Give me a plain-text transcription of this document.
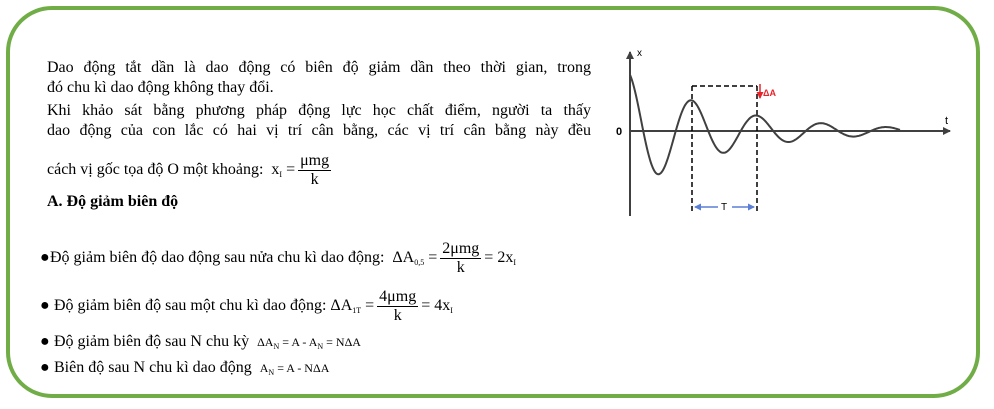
Dao động tắt dần là dao động có biên độ giảm dần theo thời gian, trong
đó chu kì dao động không thay đổi.
Khi khảo sát bằng phương pháp động lực học chất điểm, người ta thấy
dao động của con lắc có hai vị trí cân bằng, các vị trí cân bằng này đều
cách vị gốc tọa độ O một khoảng: $x_I = \frac{\text{μmg}}{k}$
A. Độ giảm biên độ
●Độ giảm biên độ dao động sau nửa chu kì dao động: $\Delta A_{0,5} = \frac{\text{2μmg}}{k} = 2x_I$
● Độ giảm biên độ sau một chu kì dao động: $\Delta A_{1T} = \frac{\text{4μmg}}{k} = 4x_I$
● Độ giảm biên độ sau N chu kỳ $\Delta A_N = A - A_N = N\Delta A$
● Biên độ sau N chu kì dao động $A_N = A - N\Delta A$
x
t
0
ΔA
T
